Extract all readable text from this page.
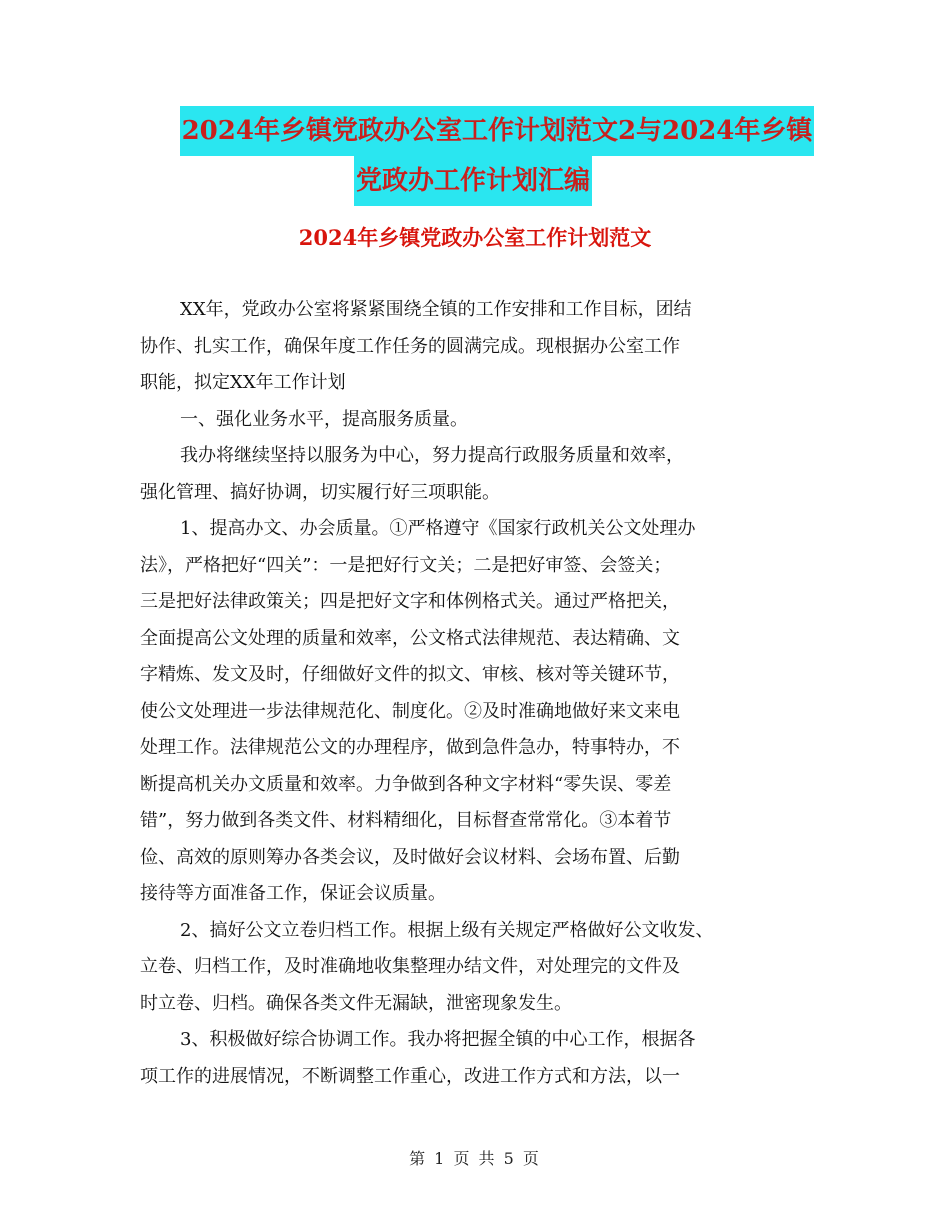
2024年乡镇党政办公室工作计划范文2与2024年乡镇
党政办工作计划汇编
2024年乡镇党政办公室工作计划范文
XX年，党政办公室将紧紧围绕全镇的工作安排和工作目标，团结
协作、扎实工作，确保年度工作任务的圆满完成。现根据办公室工作
职能，拟定XX年工作计划
一、强化业务水平，提高服务质量。
我办将继续坚持以服务为中心，努力提高行政服务质量和效率，
强化管理、搞好协调，切实履行好三项职能。
1、提高办文、办会质量。①严格遵守《国家行政机关公文处理办
法》，严格把好“四关”：一是把好行文关；二是把好审签、会签关；
三是把好法律政策关；四是把好文字和体例格式关。通过严格把关，
全面提高公文处理的质量和效率，公文格式法律规范、表达精确、文
字精炼、发文及时，仔细做好文件的拟文、审核、核对等关键环节，
使公文处理进一步法律规范化、制度化。②及时准确地做好来文来电
处理工作。法律规范公文的办理程序，做到急件急办，特事特办，不
断提高机关办文质量和效率。力争做到各种文字材料“零失误、零差
错”，努力做到各类文件、材料精细化，目标督查常常化。③本着节
俭、高效的原则筹办各类会议，及时做好会议材料、会场布置、后勤
接待等方面准备工作，保证会议质量。
2、搞好公文立卷归档工作。根据上级有关规定严格做好公文收发、
立卷、归档工作，及时准确地收集整理办结文件，对处理完的文件及
时立卷、归档。确保各类文件无漏缺，泄密现象发生。
3、积极做好综合协调工作。我办将把握全镇的中心工作，根据各
项工作的进展情况，不断调整工作重心，改进工作方式和方法，以一
第 1 页 共 5 页
